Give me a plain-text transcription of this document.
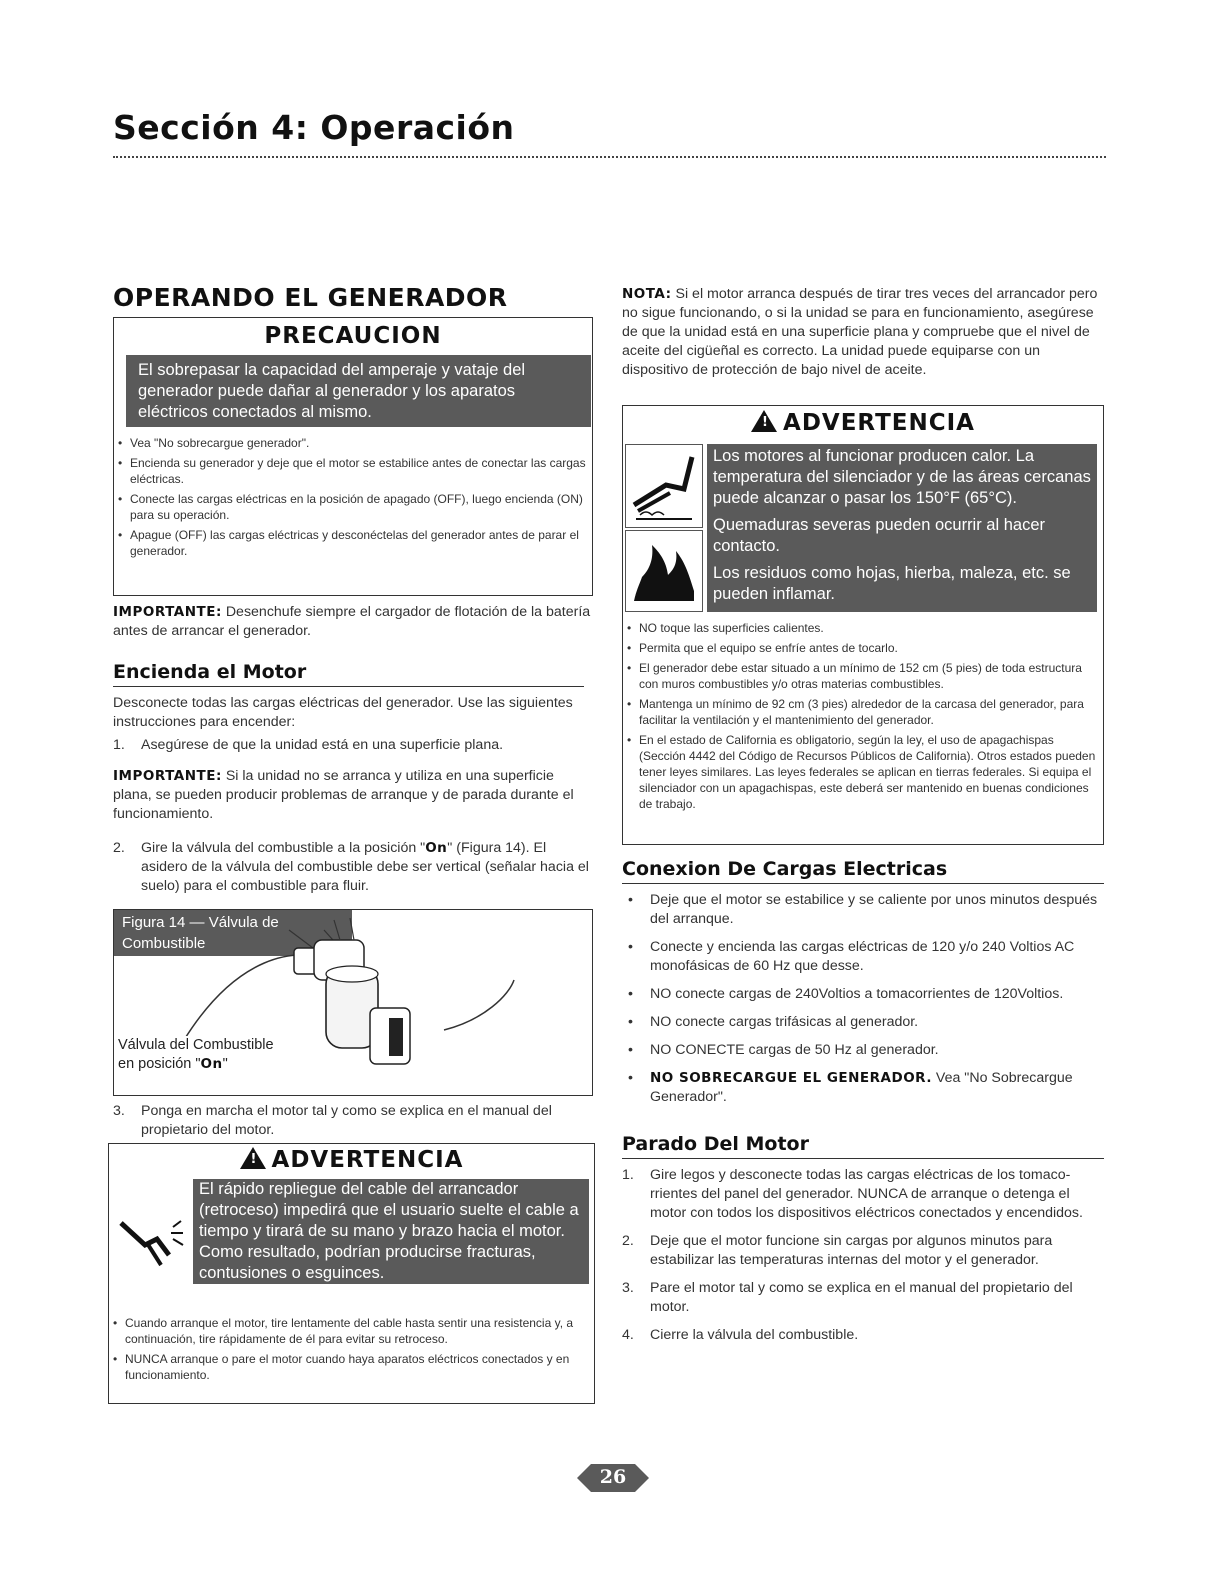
Sección 4: Operación
OPERANDO EL GENERADOR
PRECAUCION
El sobrepasar la capacidad del amperaje y vataje del generador puede dañar al generador y los aparatos eléctricos conectados al mismo.
• Vea "No sobrecargue generador".
• Encienda su generador y deje que el motor se estabilice antes de conectar las cargas eléctricas.
• Conecte las cargas eléctricas en la posición de apagado (OFF), luego encienda (ON) para su operación.
• Apague (OFF) las cargas eléctricas y desconéctelas del generador antes de parar el generador.
IMPORTANTE: Desenchufe siempre el cargador de flotación de la batería antes de arrancar el generador.
Encienda el Motor
Desconecte todas las cargas eléctricas del generador. Use las siguientes instrucciones para encender:
1. Asegúrese de que la unidad está en una superficie plana.
IMPORTANTE: Si la unidad no se arranca y utiliza en una superficie plana, se pueden producir problemas de arranque y de parada durante el funcionamiento.
2.	Gire la válvula del combustible a la posición "On" (Figura 14). El asidero de la válvula del combustible debe ser vertical (señalar hacia el suelo) para el combustible para fluir.
Figura 14 — Válvula de Combustible
Válvula del Combustible
en posición "On"
3.	Ponga en marcha el motor tal y como se explica en el manual del propietario del motor.
! ADVERTENCIA
El rápido repliegue del cable del arrancador (retroceso) impedirá que el usuario suelte el cable a tiempo y tirará de su mano y brazo hacia el motor. Como resultado, podrían producirse fracturas, contusiones o esguinces.
• Cuando arranque el motor, tire lentamente del cable hasta sentir una resistencia y, a continuación, tire rápidamente de él para evitar su retroceso.
• NUNCA arranque o pare el motor cuando haya aparatos eléctricos conectados y en funcionamiento.
NOTA: Si el motor arranca después de tirar tres veces del arrancador pero no sigue funcionando, o si la unidad se para en funcionamiento, asegúrese de que la unidad está en una superficie plana y compruebe que el nivel de aceite del cigüeñal es correcto. La unidad puede equiparse con un dispositivo de protección de bajo nivel de aceite.
! ADVERTENCIA
Los motores al funcionar producen calor. La temperatura del silenciador y de las áreas cercanas puede alcanzar o pasar los 150°F (65°C).
Quemaduras severas pueden ocurrir al hacer contacto.
Los residuos como hojas, hierba, maleza, etc. se pueden inflamar.
• NO toque las superficies calientes.
• Permita que el equipo se enfríe antes de tocarlo.
• El generador debe estar situado a un mínimo de 152 cm (5 pies) de toda estructura con muros combustibles y/o otras materias combustibles.
• Mantenga un mínimo de 92 cm (3 pies) alrededor de la carcasa del generador, para facilitar la ventilación y el mantenimiento del generador.
• En el estado de California es obligatorio, según la ley, el uso de apagachispas (Sección 4442 del Código de Recursos Públicos de California). Otros estados pueden tener leyes similares. Las leyes federales se aplican en tierras federales. Si equipa el silenciador con un apagachispas, este deberá ser mantenido en buenas condiciones de trabajo.
Conexion De Cargas Electricas
• Deje que el motor se estabilice y se caliente por unos minutos después del arranque.
• Conecte y encienda las cargas eléctricas de 120 y/o 240 Voltios AC monofásicas de 60 Hz que desse.
• NO conecte cargas de 240Voltios a tomacorrientes de 120Voltios.
• NO conecte cargas trifásicas al generador.
• NO CONECTE cargas de 50 Hz al generador.
• NO SOBRECARGUE EL GENERADOR. Vea "No Sobrecargue Generador".
Parado Del Motor
1. Gire legos y desconecte todas las cargas eléctricas de los tomaco-rrientes del panel del generador. NUNCA de arranque o detenga el motor con todos los dispositivos eléctricos conectados y encendidos.
2. Deje que el motor funcione sin cargas por algunos minutos para estabilizar las temperaturas internas del motor y el generador.
3. Pare el motor tal y como se explica en el manual del propietario del motor.
4. Cierre la válvula del combustible.
26
